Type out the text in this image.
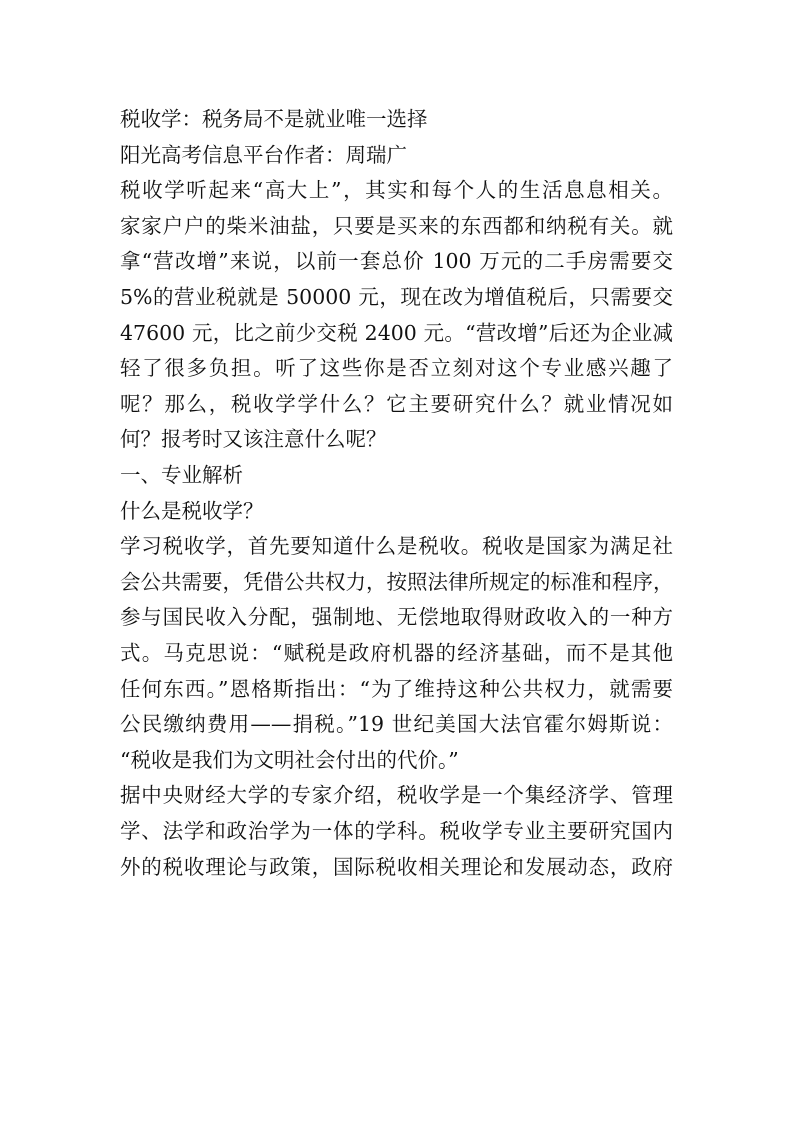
税收学：税务局不是就业唯一选择
阳光高考信息平台作者：周瑞广
税收学听起来“高大上”，其实和每个人的生活息息相关。
家家户户的柴米油盐，只要是买来的东西都和纳税有关。就
拿“营改增”来说，以前一套总价 100 万元的二手房需要交
5%的营业税就是 50000 元，现在改为增值税后，只需要交
47600 元，比之前少交税 2400 元。“营改增”后还为企业减
轻了很多负担。听了这些你是否立刻对这个专业感兴趣了
呢？那么，税收学学什么？它主要研究什么？就业情况如
何？报考时又该注意什么呢？
一、专业解析
什么是税收学？
学习税收学，首先要知道什么是税收。税收是国家为满足社
会公共需要，凭借公共权力，按照法律所规定的标准和程序，
参与国民收入分配，强制地、无偿地取得财政收入的一种方
式。马克思说：“赋税是政府机器的经济基础，而不是其他
任何东西。”恩格斯指出：“为了维持这种公共权力，就需要
公民缴纳费用——捐税。”19 世纪美国大法官霍尔姆斯说：
“税收是我们为文明社会付出的代价。”
据中央财经大学的专家介绍，税收学是一个集经济学、管理
学、法学和政治学为一体的学科。税收学专业主要研究国内
外的税收理论与政策，国际税收相关理论和发展动态，政府
